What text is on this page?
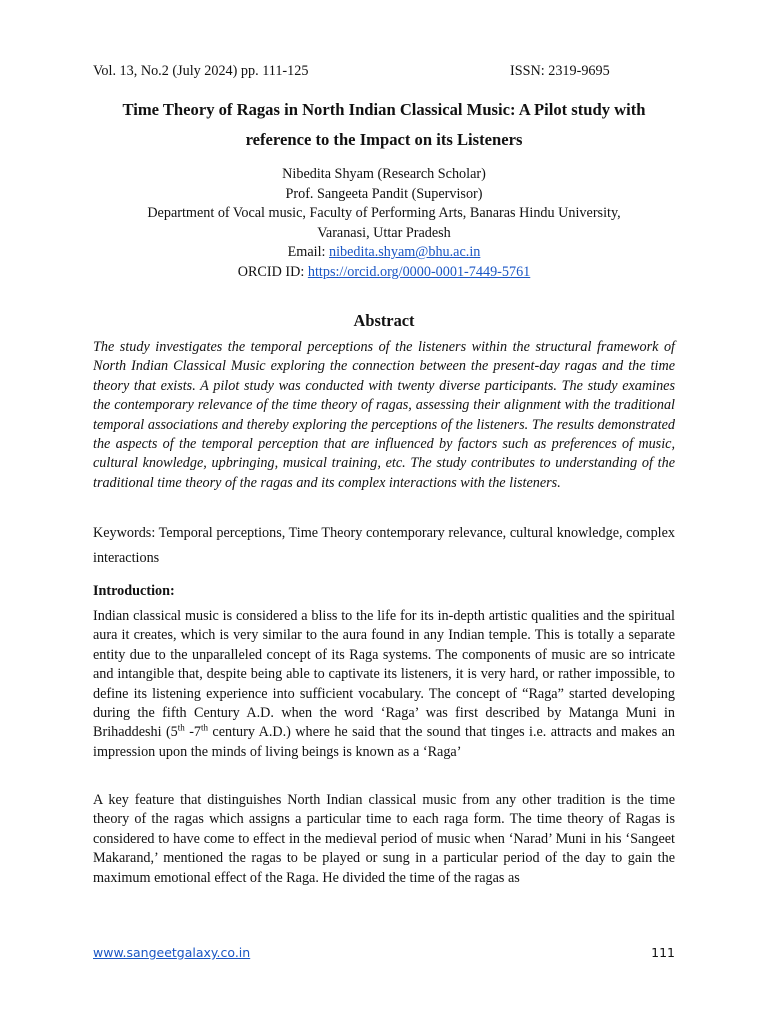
Vol. 13, No.2 (July 2024) pp. 111-125	ISSN: 2319-9695
Time Theory of Ragas in North Indian Classical Music: A Pilot study with
reference to the Impact on its Listeners
Nibedita Shyam (Research Scholar)
Prof. Sangeeta Pandit (Supervisor)
Department of Vocal music, Faculty of Performing Arts, Banaras Hindu University,
Varanasi, Uttar Pradesh
Email: nibedita.shyam@bhu.ac.in
ORCID ID: https://orcid.org/0000-0001-7449-5761
Abstract

The study investigates the temporal perceptions of the listeners within the structural framework of North Indian Classical Music exploring the connection between the present-day ragas and the time theory that exists. A pilot study was conducted with twenty diverse participants. The study examines the contemporary relevance of the time theory of ragas, assessing their alignment with the traditional temporal associations and thereby exploring the perceptions of the listeners. The results demonstrated the aspects of the temporal perception that are influenced by factors such as preferences of music, cultural knowledge, upbringing, musical training, etc. The study contributes to understanding of the traditional time theory of the ragas and its complex interactions with the listeners.

Keywords: Temporal perceptions, Time Theory contemporary relevance, cultural knowledge, complex interactions

Introduction:

Indian classical music is considered a bliss to the life for its in-depth artistic qualities and the spiritual aura it creates, which is very similar to the aura found in any Indian temple. This is totally a separate entity due to the unparalleled concept of its Raga systems. The components of music are so intricate and intangible that, despite being able to captivate its listeners, it is very hard, or rather impossible, to define its listening experience into sufficient vocabulary. The concept of “Raga” started developing during the fifth Century A.D. when the word ‘Raga’ was first described by Matanga Muni in Brihaddeshi (5th -7th century A.D.) where he said that the sound that tinges i.e. attracts and makes an impression upon the minds of living beings is known as a ‘Raga’

A key feature that distinguishes North Indian classical music from any other tradition is the time theory of the ragas which assigns a particular time to each raga form. The time theory of Ragas is considered to have come to effect in the medieval period of music when ‘Narad’ Muni in his ‘Sangeet Makarand,’ mentioned the ragas to be played or sung in a particular period of the day to gain the maximum emotional effect of the Raga. He divided the time of the ragas as

www.sangeetgalaxy.co.in	111
